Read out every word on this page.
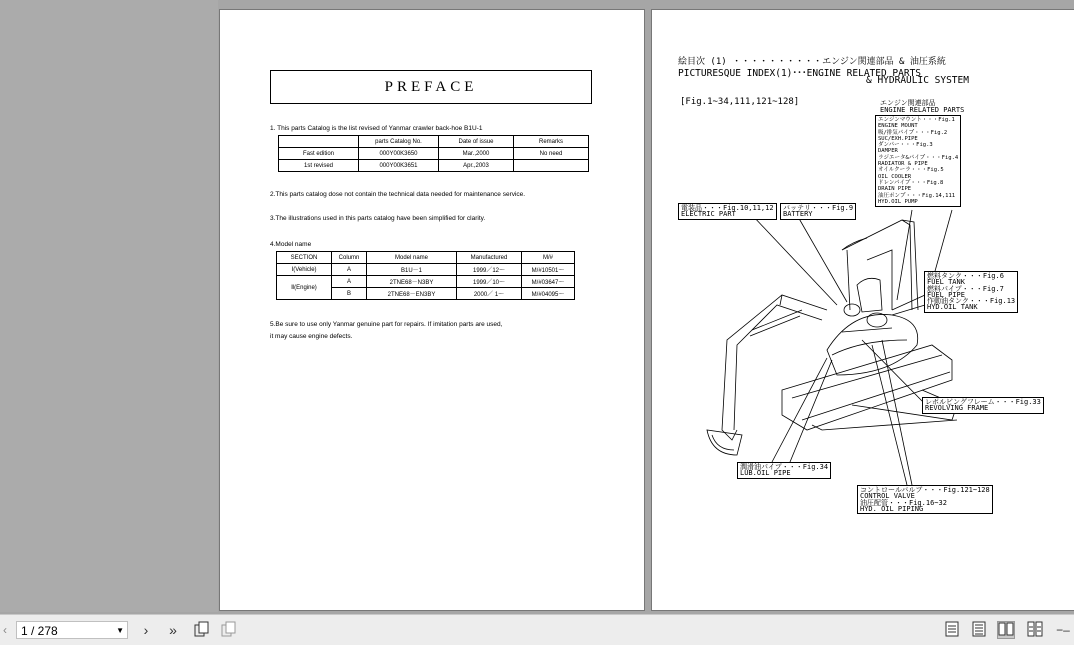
PREFACE
1. This parts Catalog is the list revised of Yanmar crawler back-hoe B1U-1
	parts Catalog No.	Date of issue	Remarks
Fast edition	000Y00K3650	Mar.,2000	No need
1st revised	000Y00K3651	Apr.,2003	
2.This parts catalog dose not contain the technical data needed for maintenance service.
3.The illustrations used in this parts catalog have been simplified for clarity.
4.Model name
SECTION	Column	Model name	Manufactured	M/#
Ⅰ(Vehicle)	A	B1U－1	1999／12～	M/#10501～
Ⅱ(Engine)	A	2TNE68－N3BY	1999／10～	M/#03647～
	B	2TNE68－EN3BY	2000／ 1～	M/#04095～
5.Be sure to use only Yanmar genuine part for repairs. If imitation parts are used,
it may cause engine defects.
絵目次 (1) ・・・・・・・・・・エンジン関連部品 & 油圧系統
PICTURESQUE INDEX(1)･･･ENGINE RELATED PARTS
& HYDRAULIC SYSTEM
[Fig.1~34,111,121~128]	エンジン関連部品
ENGINE RELATED PARTS
エンジンマウント・・・Fig.1
ENGINE MOUNT
吸/排気パイプ・・・Fig.2
SUC/EXH.PIPE
ダンパー・・・Fig.3
DAMPER
ラジエータ&パイプ・・・Fig.4
RADIATOR & PIPE
オイルクーラ・・・Fig.5
OIL COOLER
ドレンパイプ・・・Fig.8
DRAIN PIPE
油圧ポンプ・・・Fig.14,111
HYD.OIL PUMP
電装品・・・Fig.10,11,12
ELECTRIC PART
バッテリ・・・Fig.9
BATTERY
燃料タンク・・・Fig.6
FUEL TANK
燃料パイプ・・・Fig.7
FUEL PIPE
作動油タンク・・・Fig.13
HYD.OIL TANK
レボルビングフレーム・・・Fig.33
REVOLVING FRAME
潤滑油パイプ・・・Fig.34
LUB.OIL PIPE
コントロールバルブ・・・Fig.121~128
CONTROL VALVE
油圧配管・・・Fig.16~32
HYD. OIL PIPING
‹	1 / 278	▼	›	»	−–
